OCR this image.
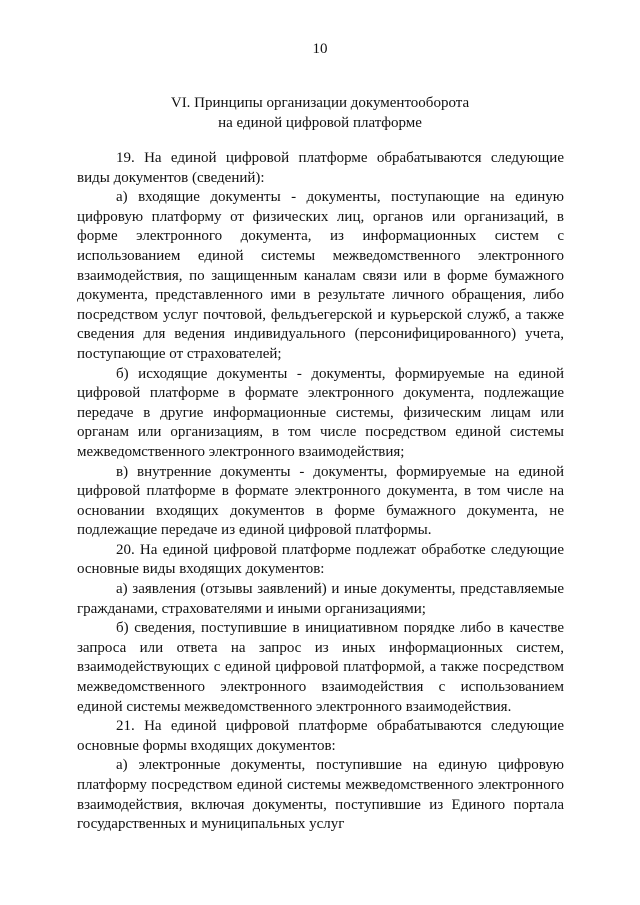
10
VI. Принципы организации документооборота
на единой цифровой платформе

19. На единой цифровой платформе обрабатываются следующие виды документов (сведений):

а) входящие документы - документы, поступающие на единую цифровую платформу от физических лиц, органов или организаций, в форме электронного документа, из информационных систем с использованием единой системы межведомственного электронного взаимодействия, по защищенным каналам связи или в форме бумажного документа, представленного ими в результате личного обращения, либо посредством услуг почтовой, фельдъегерской и курьерской служб, а также сведения для ведения индивидуального (персонифицированного) учета, поступающие от страхователей;

б) исходящие документы - документы, формируемые на единой цифровой платформе в формате электронного документа, подлежащие передаче в другие информационные системы, физическим лицам или органам или организациям, в том числе посредством единой системы межведомственного электронного взаимодействия;

в) внутренние документы - документы, формируемые на единой цифровой платформе в формате электронного документа, в том числе на основании входящих документов в форме бумажного документа, не подлежащие передаче из единой цифровой платформы.

20. На единой цифровой платформе подлежат обработке следующие основные виды входящих документов:

а) заявления (отзывы заявлений) и иные документы, представляемые гражданами, страхователями и иными организациями;

б) сведения, поступившие в инициативном порядке либо в качестве запроса или ответа на запрос из иных информационных систем, взаимодействующих с единой цифровой платформой, а также посредством межведомственного электронного взаимодействия с использованием единой системы межведомственного электронного взаимодействия.

21. На единой цифровой платформе обрабатываются следующие основные формы входящих документов:

а) электронные документы, поступившие на единую цифровую платформу посредством единой системы межведомственного электронного взаимодействия, включая документы, поступившие из Единого портала государственных и муниципальных услуг
